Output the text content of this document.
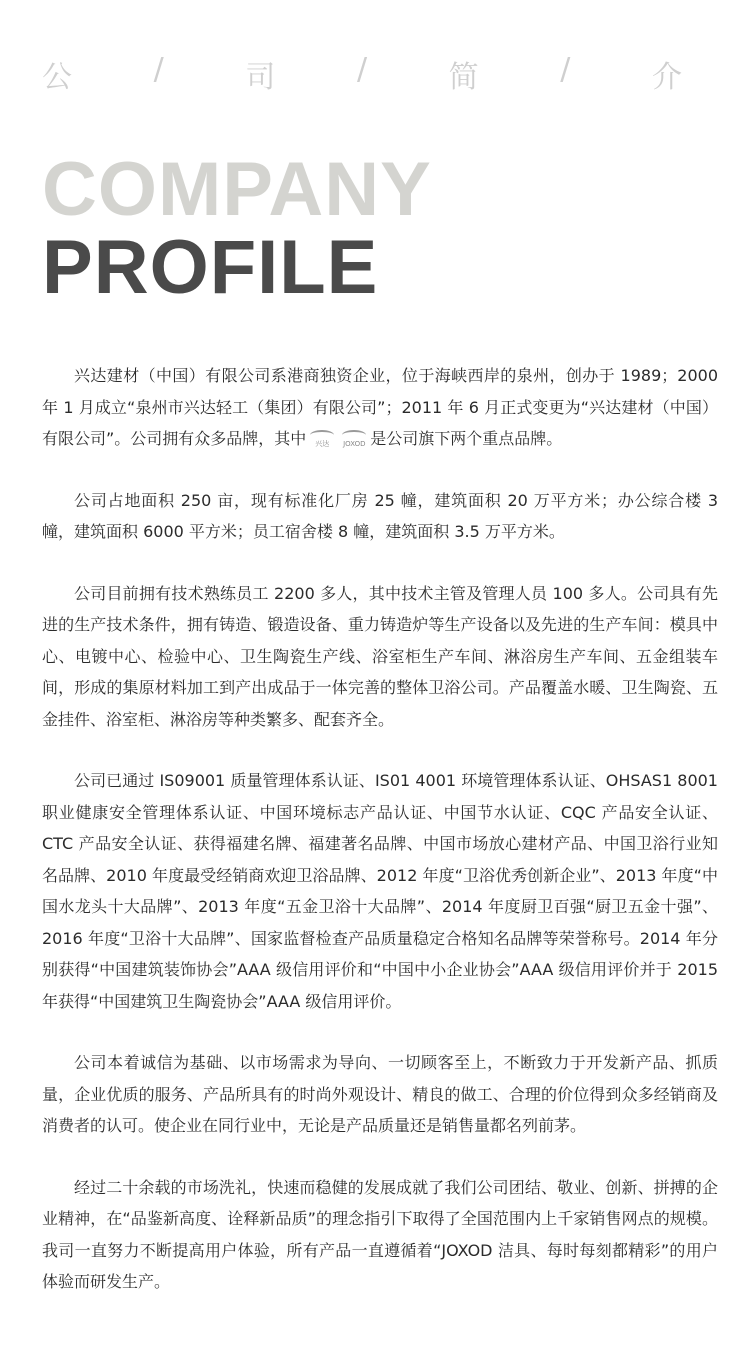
公	/	司	/	简	/	介
COMPANY
PROFILE

兴达建材（中国）有限公司系港商独资企业，位于海峡西岸的泉州，创办于 1989；2000 年 1 月成立“泉州市兴达轻工（集团）有限公司”；2011 年 6 月正式变更为“兴达建材（中国）有限公司”。公司拥有众多品牌，其中 兴达 JOXOD 是公司旗下两个重点品牌。

公司占地面积 250 亩，现有标准化厂房 25 幢，建筑面积 20 万平方米；办公综合楼 3 幢，建筑面积 6000 平方米；员工宿舍楼 8 幢，建筑面积 3.5 万平方米。

公司目前拥有技术熟练员工 2200 多人，其中技术主管及管理人员 100 多人。公司具有先进的生产技术条件，拥有铸造、锻造设备、重力铸造炉等生产设备以及先进的生产车间：模具中心、电镀中心、检验中心、卫生陶瓷生产线、浴室柜生产车间、淋浴房生产车间、五金组装车间，形成的集原材料加工到产出成品于一体完善的整体卫浴公司。产品覆盖水暖、卫生陶瓷、五金挂件、浴室柜、淋浴房等种类繁多、配套齐全。

公司已通过 IS09001 质量管理体系认证、IS01 4001 环境管理体系认证、OHSAS1 8001 职业健康安全管理体系认证、中国环境标志产品认证、中国节水认证、CQC 产品安全认证、CTC 产品安全认证、获得福建名牌、福建著名品牌、中国市场放心建材产品、中国卫浴行业知名品牌、2010 年度最受经销商欢迎卫浴品牌、2012 年度“卫浴优秀创新企业”、2013 年度“中国水龙头十大品牌”、2013 年度“五金卫浴十大品牌”、2014 年度厨卫百强“厨卫五金十强”、2016 年度“卫浴十大品牌”、国家监督检查产品质量稳定合格知名品牌等荣誉称号。2014 年分别获得“中国建筑装饰协会”AAA 级信用评价和“中国中小企业协会”AAA 级信用评价并于 2015 年获得“中国建筑卫生陶瓷协会”AAA 级信用评价。

公司本着诚信为基础、以市场需求为导向、一切顾客至上，不断致力于开发新产品、抓质量，企业优质的服务、产品所具有的时尚外观设计、精良的做工、合理的价位得到众多经销商及消费者的认可。使企业在同行业中，无论是产品质量还是销售量都名列前茅。

经过二十余载的市场洗礼，快速而稳健的发展成就了我们公司团结、敬业、创新、拼搏的企业精神，在“品鉴新高度、诠释新品质”的理念指引下取得了全国范围内上千家销售网点的规模。我司一直努力不断提高用户体验，所有产品一直遵循着“JOXOD 洁具、每时每刻都精彩”的用户体验而研发生产。
